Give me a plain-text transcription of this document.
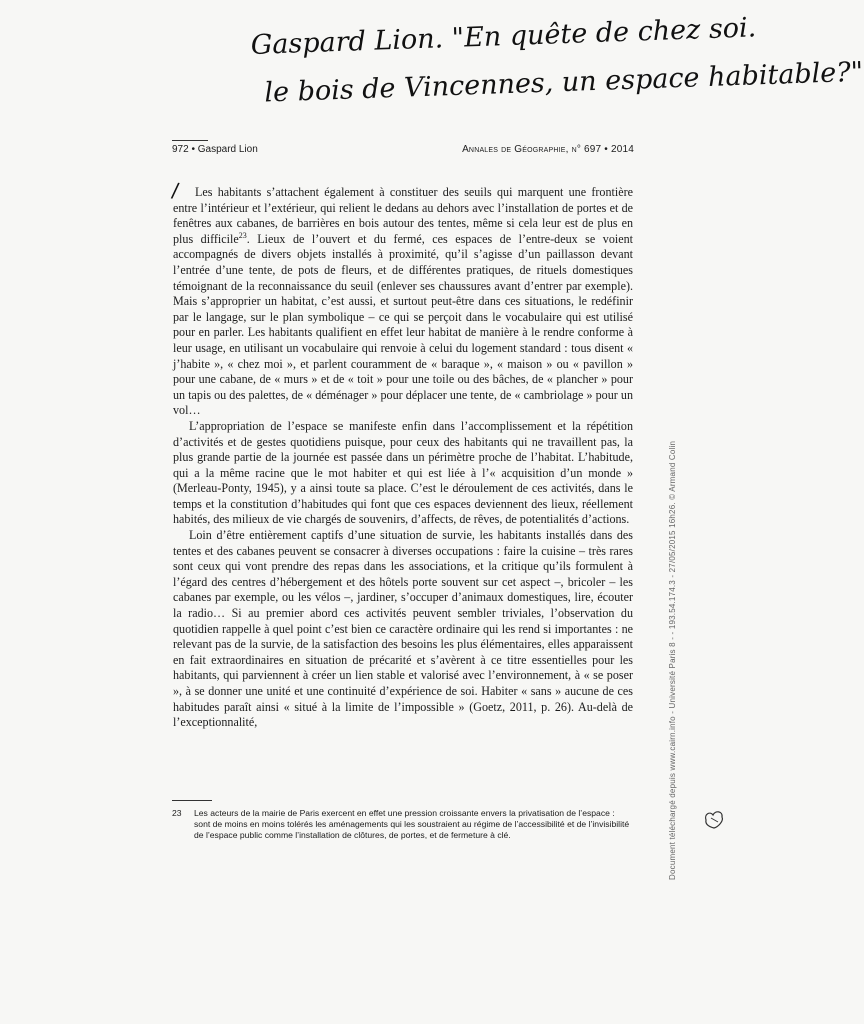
Gaspard Lion. "En quête de chez soi.
le bois de Vincennes, un espace habitable?"
972 • Gaspard Lion	Annales de Géographie, n° 697 • 2014
/	Les habitants s’attachent également à constituer des seuils qui marquent une frontière entre l’intérieur et l’extérieur, qui relient le dedans au dehors avec l’installation de portes et de fenêtres aux cabanes, de barrières en bois autour des tentes, même si cela leur est de plus en plus difficile$^{23}$. Lieux de l’ouvert et du fermé, ces espaces de l’entre-deux se voient accompagnés de divers objets installés à proximité, qu’il s’agisse d’un paillasson devant l’entrée d’une tente, de pots de fleurs, et de différentes pratiques, de rituels domestiques témoignant de la reconnaissance du seuil (enlever ses chaussures avant d’entrer par exemple). Mais s’approprier un habitat, c’est aussi, et surtout peut-être dans ces situations, le redéfinir par le langage, sur le plan symbolique – ce qui se perçoit dans le vocabulaire qui est utilisé pour en parler. Les habitants qualifient en effet leur habitat de manière à le rendre conforme à leur usage, en utilisant un vocabulaire qui renvoie à celui du logement standard : tous disent « j’habite », « chez moi », et parlent couramment de « baraque », « maison » ou « pavillon » pour une cabane, de « murs » et de « toit » pour une toile ou des bâches, de « plancher » pour un tapis ou des palettes, de « déménager » pour déplacer une tente, de « cambriolage » pour un vol…

L’appropriation de l’espace se manifeste enfin dans l’accomplissement et la répétition d’activités et de gestes quotidiens puisque, pour ceux des habitants qui ne travaillent pas, la plus grande partie de la journée est passée dans un périmètre proche de l’habitat. L’habitude, qui a la même racine que le mot habiter et qui est liée à l’« acquisition d’un monde » (Merleau-Ponty, 1945), y a ainsi toute sa place. C’est le déroulement de ces activités, dans le temps et la constitution d’habitudes qui font que ces espaces deviennent des lieux, réellement habités, des milieux de vie chargés de souvenirs, d’affects, de rêves, de potentialités d’actions.

Loin d’être entièrement captifs d’une situation de survie, les habitants installés dans des tentes et des cabanes peuvent se consacrer à diverses occupations : faire la cuisine – très rares sont ceux qui vont prendre des repas dans les associations, et la critique qu’ils formulent à l’égard des centres d’hébergement et des hôtels porte souvent sur cet aspect –, bricoler – les cabanes par exemple, ou les vélos –, jardiner, s’occuper d’animaux domestiques, lire, écouter la radio… Si au premier abord ces activités peuvent sembler triviales, l’observation du quotidien rappelle à quel point c’est bien ce caractère ordinaire qui les rend si importantes : ne relevant pas de la survie, de la satisfaction des besoins les plus élémentaires, elles apparaissent en fait extraordinaires en situation de précarité et s’avèrent à ce titre essentielles pour les habitants, qui parviennent à créer un lien stable et valorisé avec l’environnement, à « se poser », à se donner une unité et une continuité d’expérience de soi. Habiter « sans » aucune de ces habitudes paraît ainsi « situé à la limite de l’impossible » (Goetz, 2011, p. 26). Au-delà de l’exceptionnalité,

23	Les acteurs de la mairie de Paris exercent en effet une pression croissante envers la privatisation de l’espace : sont de moins en moins tolérés les aménagements qui les soustraient au régime de l’accessibilité et de l’invisibilité de l’espace public comme l’installation de clôtures, de portes, et de fermeture à clé.	Document téléchargé depuis www.cairn.info - Université Paris 8 - - 193.54.174.3 - 27/05/2015 16h26. © Armand Colin
